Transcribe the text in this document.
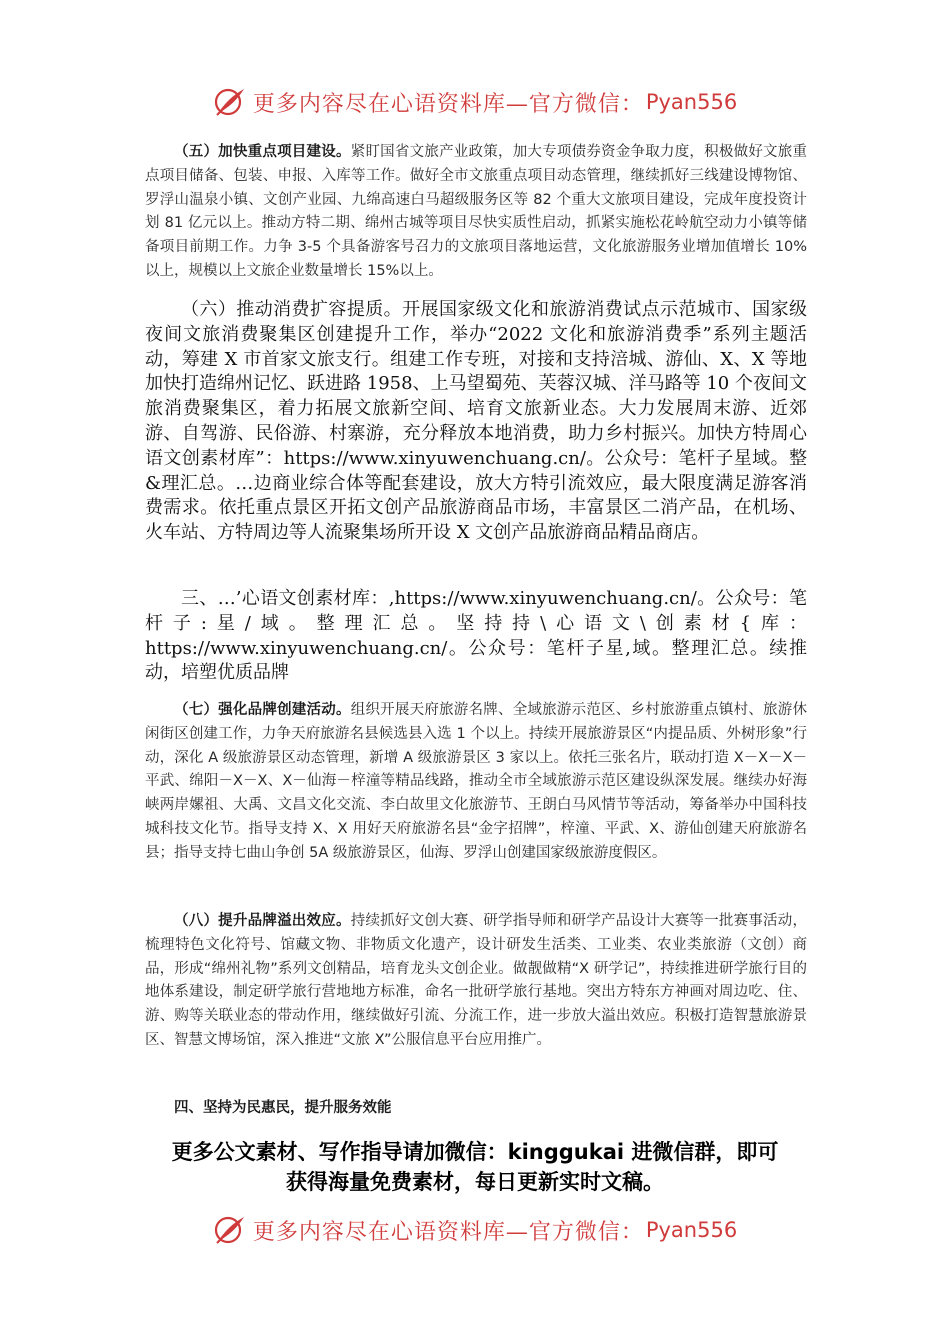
更多内容尽在心语资料库—官方微信： Pyan556

（五）加快重点项目建设。紧盯国省文旅产业政策，加大专项债券资金争取力度，积极做好文旅重点项目储备、包装、申报、入库等工作。做好全市文旅重点项目动态管理，继续抓好三线建设博物馆、罗浮山温泉小镇、文创产业园、九绵高速白马超级服务区等 82 个重大文旅项目建设，完成年度投资计划 81 亿元以上。推动方特二期、绵州古城等项目尽快实质性启动，抓紧实施松花岭航空动力小镇等储备项目前期工作。力争 3-5 个具备游客号召力的文旅项目落地运营，文化旅游服务业增加值增长 10%以上，规模以上文旅企业数量增长 15%以上。

（六）推动消费扩容提质。开展国家级文化和旅游消费试点示范城市、国家级夜间文旅消费聚集区创建提升工作，举办“2022 文化和旅游消费季”系列主题活动，筹建 X 市首家文旅支行。组建工作专班，对接和支持涪城、游仙、X、X 等地加快打造绵州记忆、跃进路 1958、上马望蜀苑、芙蓉汉城、洋马路等 10 个夜间文旅消费聚集区，着力拓展文旅新空间、培育文旅新业态。大力发展周末游、近郊游、自驾游、民俗游、村寨游，充分释放本地消费，助力乡村振兴。加快方特周心语文创素材库”：https://www.xinyuwenchuang.cn/。公众号：笔杆子星域。整&理汇总。…边商业综合体等配套建设，放大方特引流效应，最大限度满足游客消费需求。依托重点景区开拓文创产品旅游商品市场，丰富景区二消产品，在机场、火车站、方特周边等人流聚集场所开设 X 文创产品旅游商品精品商店。

三、…’心语文创素材库：,https://www.xinyuwenchuang.cn/。公众号：笔杆子:星/域。整理汇总。坚持持\心语文\创素材{库：https://www.xinyuwenchuang.cn/。公众号：笔杆子星,域。整理汇总。续推动，培塑优质品牌

（七）强化品牌创建活动。组织开展天府旅游名牌、全域旅游示范区、乡村旅游重点镇村、旅游休闲街区创建工作，力争天府旅游名县候选县入选 1 个以上。持续开展旅游景区“内提品质、外树形象”行动，深化 A 级旅游景区动态管理，新增 A 级旅游景区 3 家以上。依托三张名片，联动打造 X－X－X－平武、绵阳－X－X、X－仙海－梓潼等精品线路，推动全市全域旅游示范区建设纵深发展。继续办好海峡两岸嫘祖、大禹、文昌文化交流、李白故里文化旅游节、王朗白马风情节等活动，筹备举办中国科技城科技文化节。指导支持 X、X 用好天府旅游名县“金字招牌”，梓潼、平武、X、游仙创建天府旅游名县；指导支持七曲山争创 5A 级旅游景区，仙海、罗浮山创建国家级旅游度假区。

（八）提升品牌溢出效应。持续抓好文创大赛、研学指导师和研学产品设计大赛等一批赛事活动，梳理特色文化符号、馆藏文物、非物质文化遗产，设计研发生活类、工业类、农业类旅游（文创）商品，形成“绵州礼物”系列文创精品，培育龙头文创企业。做靓做精“X 研学记”，持续推进研学旅行目的地体系建设，制定研学旅行营地地方标准，命名一批研学旅行基地。突出方特东方神画对周边吃、住、游、购等关联业态的带动作用，继续做好引流、分流工作，进一步放大溢出效应。积极打造智慧旅游景区、智慧文博场馆，深入推进“文旅 X”公服信息平台应用推广。

四、坚持为民惠民，提升服务效能

更多公文素材、写作指导请加微信：kinggukai 进微信群，即可
获得海量免费素材，每日更新实时文稿。

更多内容尽在心语资料库—官方微信： Pyan556
